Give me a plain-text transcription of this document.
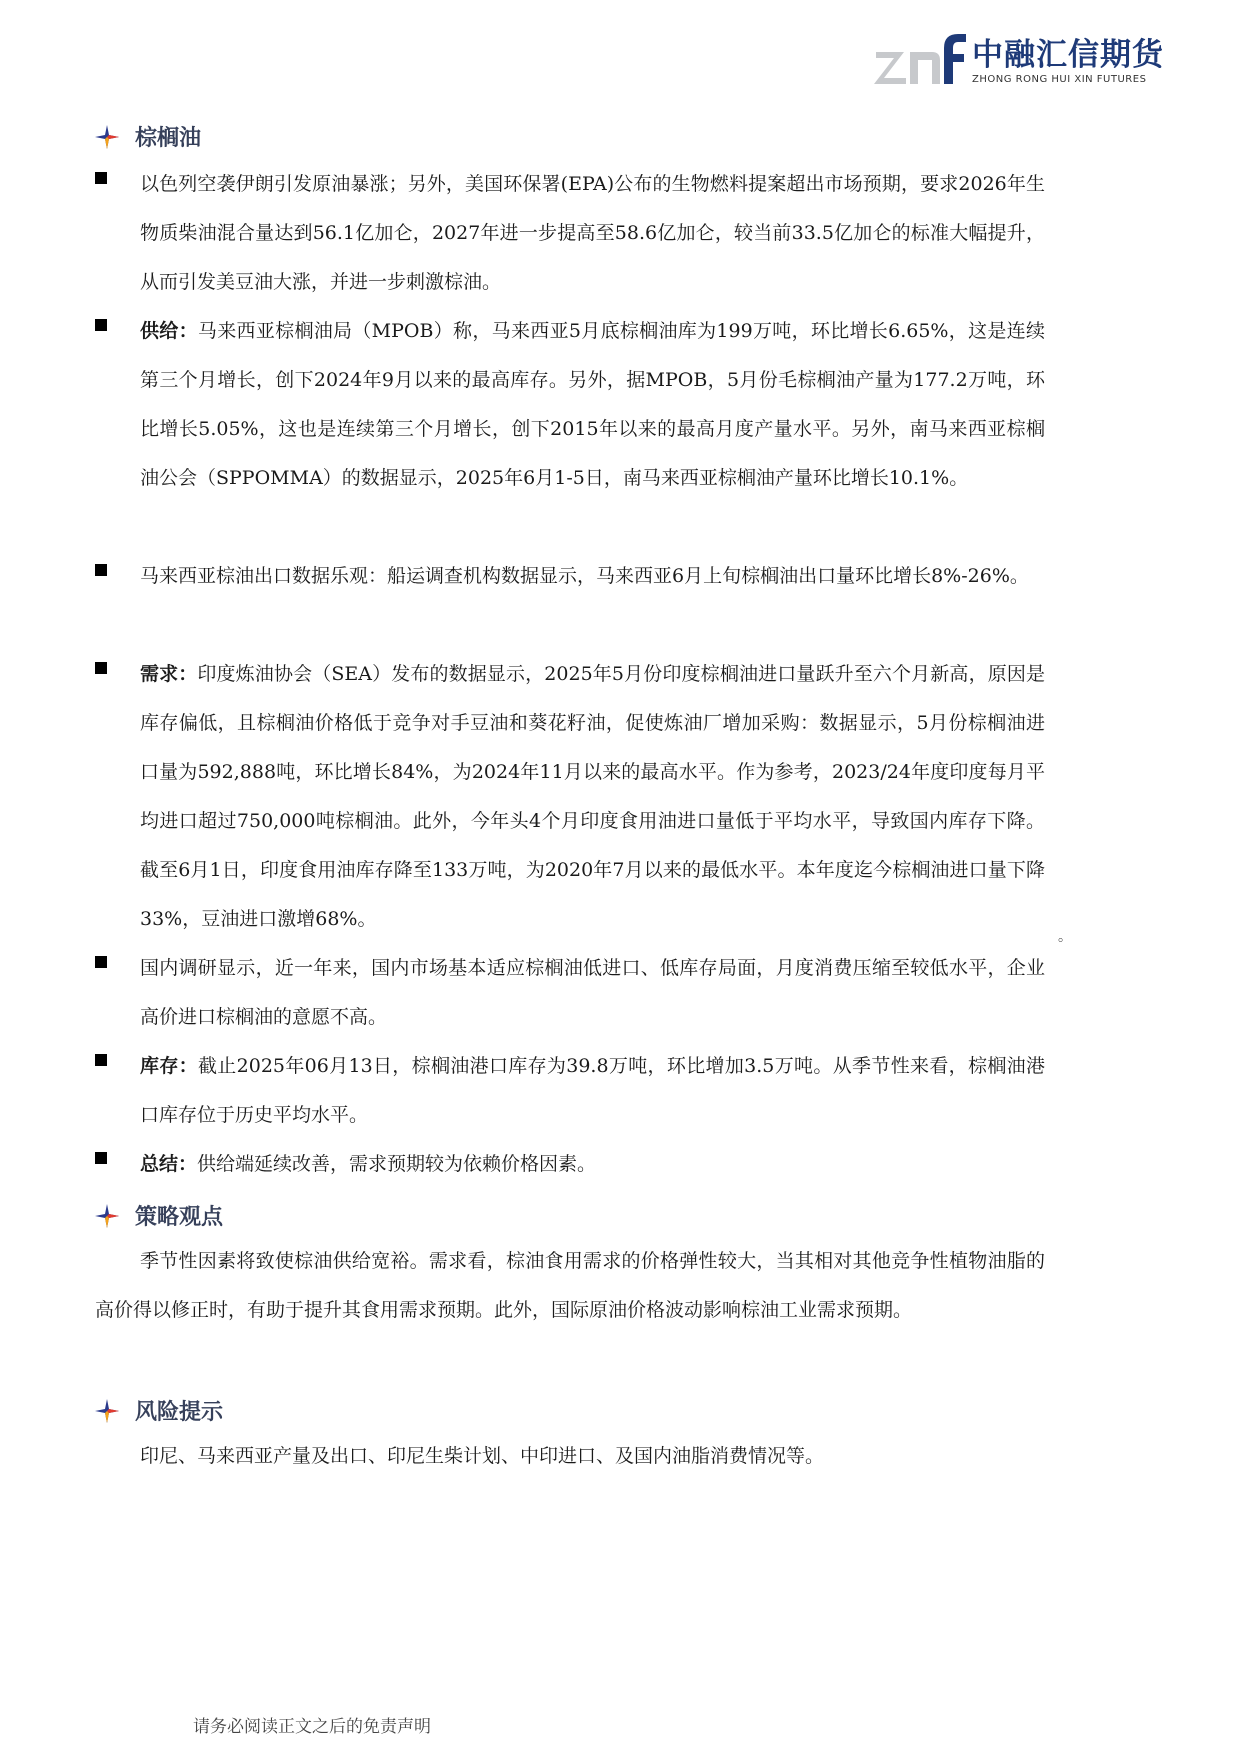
中融汇信期货
ZHONG RONG HUI XIN FUTURES
棕榈油
以色列空袭伊朗引发原油暴涨；另外，美国环保署(EPA)公布的生物燃料提案超出市场预期，要求2026年生物质柴油混合量达到56.1亿加仑，2027年进一步提高至58.6亿加仑，较当前33.5亿加仑的标准大幅提升，从而引发美豆油大涨，并进一步刺激棕油。
供给：马来西亚棕榈油局（MPOB）称，马来西亚5月底棕榈油库为199万吨，环比增长6.65%，这是连续第三个月增长，创下2024年9月以来的最高库存。另外，据MPOB，5月份毛棕榈油产量为177.2万吨，环比增长5.05%，这也是连续第三个月增长，创下2015年以来的最高月度产量水平。另外，南马来西亚棕榈油公会（SPPOMMA）的数据显示，2025年6月1-5日，南马来西亚棕榈油产量环比增长10.1%。
马来西亚棕油出口数据乐观：船运调查机构数据显示，马来西亚6月上旬棕榈油出口量环比增长8%-26%。
需求：印度炼油协会（SEA）发布的数据显示，2025年5月份印度棕榈油进口量跃升至六个月新高，原因是库存偏低，且棕榈油价格低于竞争对手豆油和葵花籽油，促使炼油厂增加采购：数据显示，5月份棕榈油进口量为592,888吨，环比增长84%，为2024年11月以来的最高水平。作为参考，2023/24年度印度每月平均进口超过750,000吨棕榈油。此外，今年头4个月印度食用油进口量低于平均水平，导致国内库存下降。截至6月1日，印度食用油库存降至133万吨，为2020年7月以来的最低水平。本年度迄今棕榈油进口量下降33%，豆油进口激增68%。
。
国内调研显示，近一年来，国内市场基本适应棕榈油低进口、低库存局面，月度消费压缩至较低水平，企业高价进口棕榈油的意愿不高。
库存：截止2025年06月13日，棕榈油港口库存为39.8万吨，环比增加3.5万吨。从季节性来看，棕榈油港口库存位于历史平均水平。
总结：供给端延续改善，需求预期较为依赖价格因素。
策略观点
季节性因素将致使棕油供给宽裕。需求看，棕油食用需求的价格弹性较大，当其相对其他竞争性植物油脂的高价得以修正时，有助于提升其食用需求预期。此外，国际原油价格波动影响棕油工业需求预期。
风险提示
印尼、马来西亚产量及出口、印尼生柴计划、中印进口、及国内油脂消费情况等。
请务必阅读正文之后的免责声明
